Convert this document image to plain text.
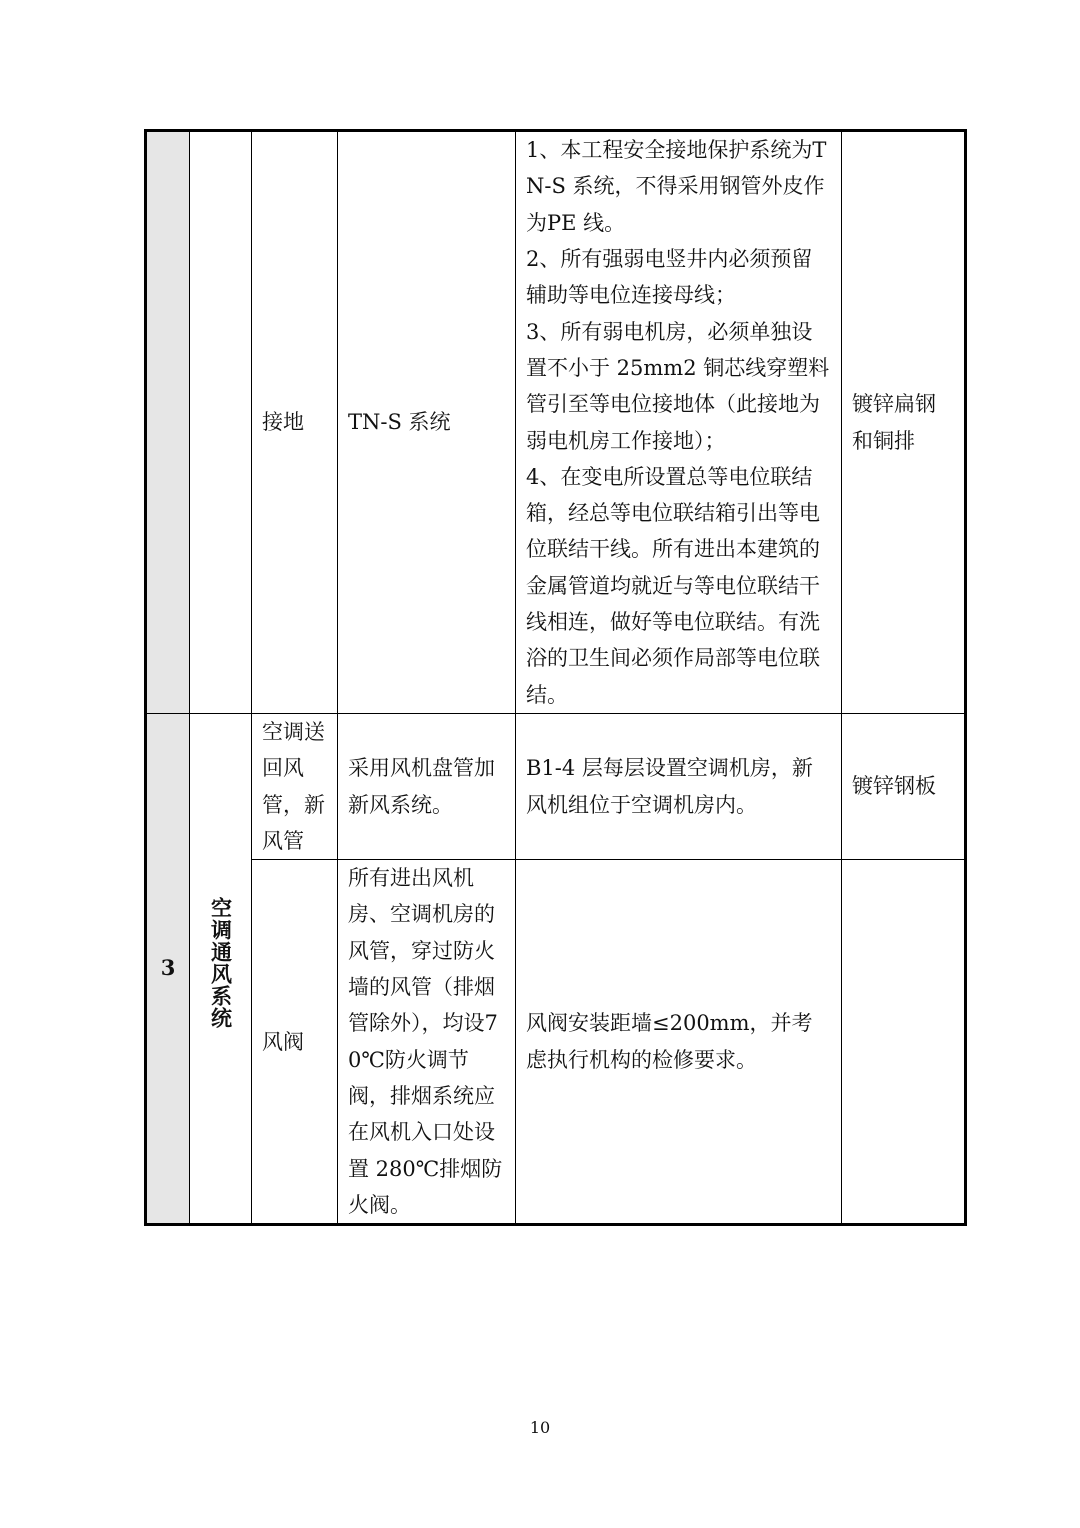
		接地	TN-S 系统	1、本工程安全接地保护系统为TN-S 系统，不得采用钢管外皮作为PE 线。
2、所有强弱电竖井内必须预留辅助等电位连接母线；
3、所有弱电机房，必须单独设置不小于 25mm2 铜芯线穿塑料管引至等电位接地体（此接地为弱电机房工作接地）；
4、在变电所设置总等电位联结箱，经总等电位联结箱引出等电位联结干线。所有进出本建筑的金属管道均就近与等电位联结干线相连，做好等电位联结。有洗浴的卫生间必须作局部等电位联结。	镀锌扁钢和铜排
3	空调通风系统	空调送回风管，新风管	采用风机盘管加新风系统。	B1-4 层每层设置空调机房，新风机组位于空调机房内。	镀锌钢板
		风阀	所有进出风机房、空调机房的风管，穿过防火墙的风管（排烟管除外），均设70℃防火调节阀，排烟系统应在风机入口处设置 280℃排烟防火阀。	风阀安装距墙≤200mm，并考虑执行机构的检修要求。	

10
